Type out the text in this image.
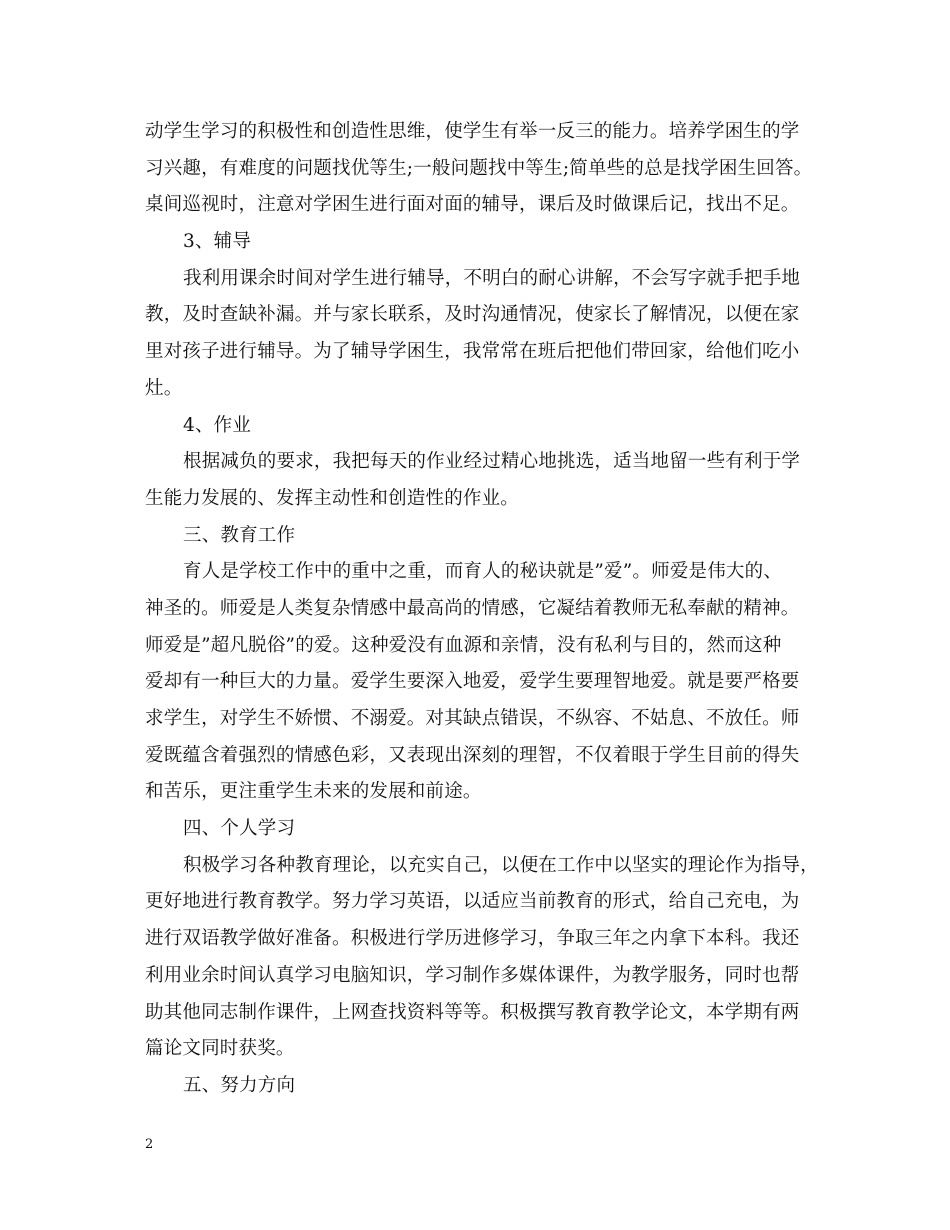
动学生学习的积极性和创造性思维，使学生有举一反三的能力。培养学困生的学
习兴趣，有难度的问题找优等生;一般问题找中等生;简单些的总是找学困生回答。
桌间巡视时，注意对学困生进行面对面的辅导，课后及时做课后记，找出不足。
3、辅导
我利用课余时间对学生进行辅导，不明白的耐心讲解，不会写字就手把手地
教，及时查缺补漏。并与家长联系，及时沟通情况，使家长了解情况，以便在家
里对孩子进行辅导。为了辅导学困生，我常常在班后把他们带回家，给他们吃小
灶。
4、作业
根据减负的要求，我把每天的作业经过精心地挑选，适当地留一些有利于学
生能力发展的、发挥主动性和创造性的作业。
三、教育工作
育人是学校工作中的重中之重，而育人的秘诀就是”爱”。师爱是伟大的、
神圣的。师爱是人类复杂情感中最高尚的情感，它凝结着教师无私奉献的精神。
师爱是”超凡脱俗”的爱。这种爱没有血源和亲情，没有私利与目的，然而这种
爱却有一种巨大的力量。爱学生要深入地爱，爱学生要理智地爱。就是要严格要
求学生，对学生不娇惯、不溺爱。对其缺点错误，不纵容、不姑息、不放任。师
爱既蕴含着强烈的情感色彩，又表现出深刻的理智，不仅着眼于学生目前的得失
和苦乐，更注重学生未来的发展和前途。
四、个人学习
积极学习各种教育理论，以充实自己，以便在工作中以坚实的理论作为指导，
更好地进行教育教学。努力学习英语，以适应当前教育的形式，给自己充电，为
进行双语教学做好准备。积极进行学历进修学习，争取三年之内拿下本科。我还
利用业余时间认真学习电脑知识，学习制作多媒体课件，为教学服务，同时也帮
助其他同志制作课件，上网查找资料等等。积极撰写教育教学论文，本学期有两
篇论文同时获奖。
五、努力方向
2
